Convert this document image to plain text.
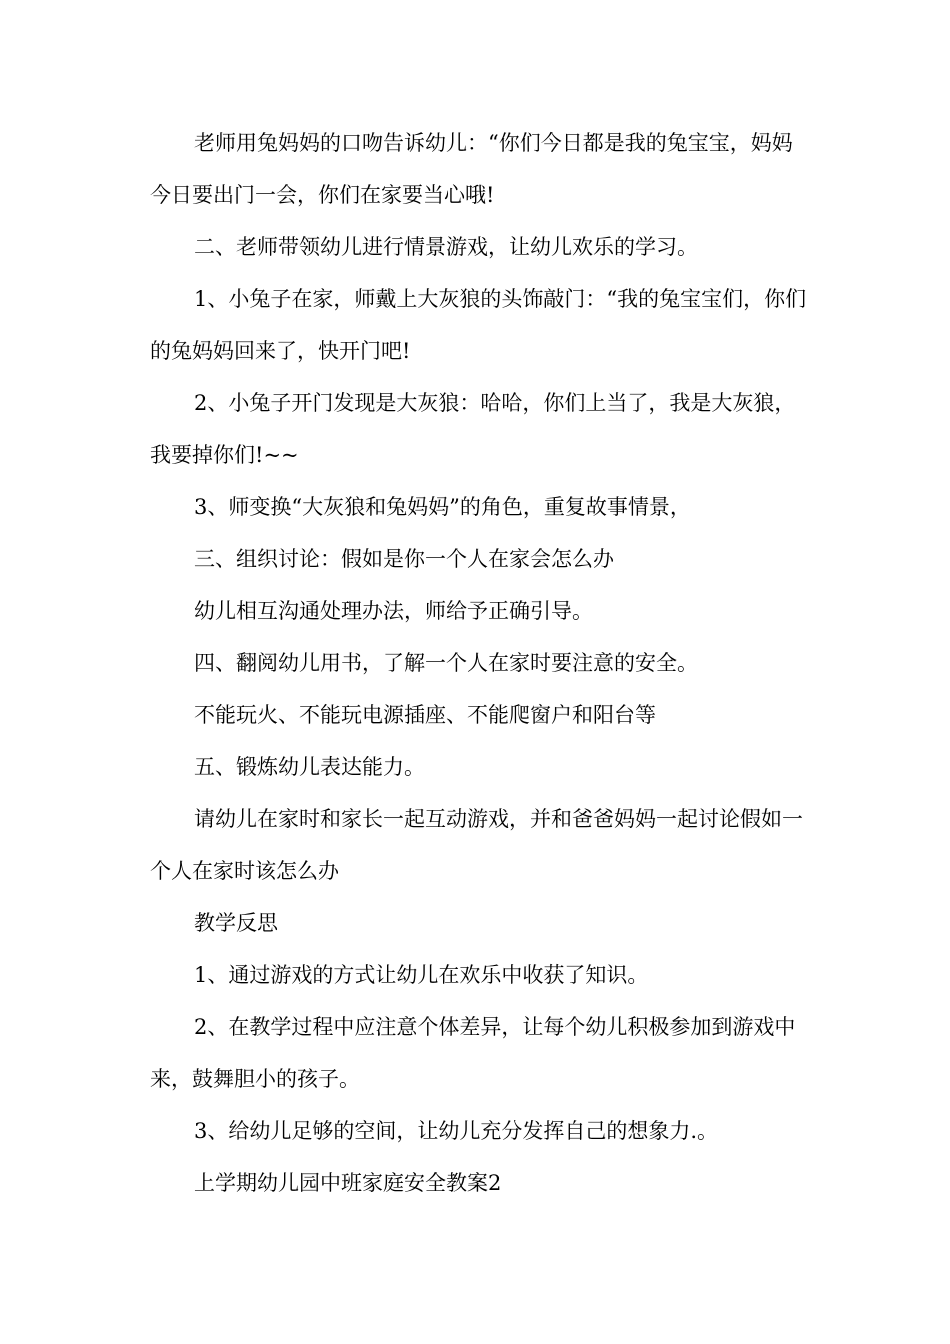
老师用兔妈妈的口吻告诉幼儿：“你们今日都是我的兔宝宝，妈妈今日要出门一会，你们在家要当心哦!

二、老师带领幼儿进行情景游戏，让幼儿欢乐的学习。

1、小兔子在家，师戴上大灰狼的头饰敲门：“我的兔宝宝们，你们的兔妈妈回来了，快开门吧!

2、小兔子开门发现是大灰狼：哈哈，你们上当了，我是大灰狼，我要掉你们!~~

3、师变换“大灰狼和兔妈妈”的角色，重复故事情景，

三、组织讨论：假如是你一个人在家会怎么办

幼儿相互沟通处理办法，师给予正确引导。

四、翻阅幼儿用书，了解一个人在家时要注意的安全。

不能玩火、不能玩电源插座、不能爬窗户和阳台等

五、锻炼幼儿表达能力。

请幼儿在家时和家长一起互动游戏，并和爸爸妈妈一起讨论假如一个人在家时该怎么办

教学反思

1、通过游戏的方式让幼儿在欢乐中收获了知识。

2、在教学过程中应注意个体差异，让每个幼儿积极参加到游戏中来，鼓舞胆小的孩子。

3、给幼儿足够的空间，让幼儿充分发挥自己的想象力.。

上学期幼儿园中班家庭安全教案2
